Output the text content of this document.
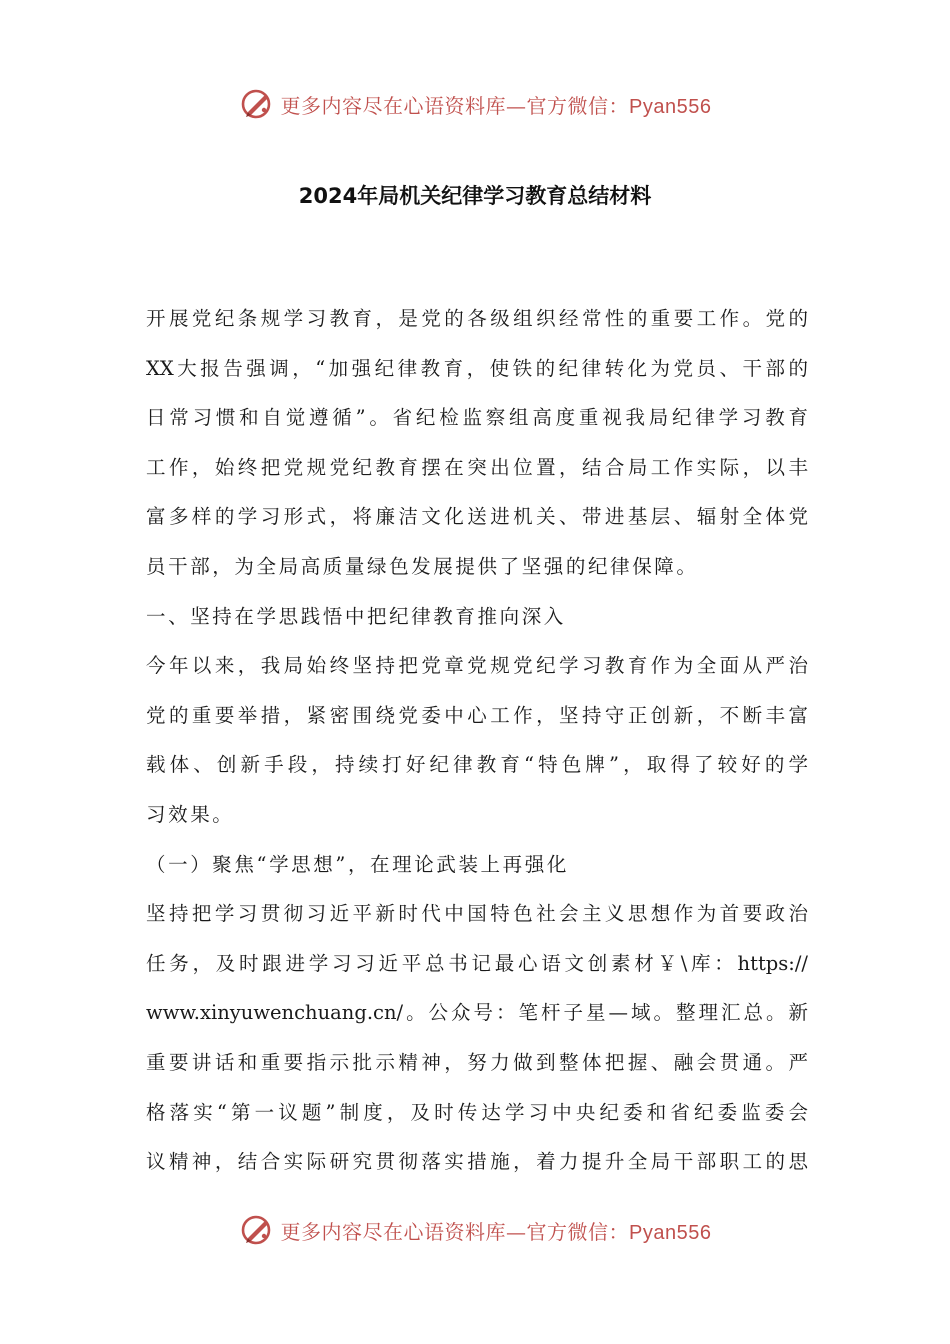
更多内容尽在心语资料库—官方微信：Pyan556
2024年局机关纪律学习教育总结材料
开展党纪条规学习教育，是党的各级组织经常性的重要工作。党的
XX大报告强调，“加强纪律教育，使铁的纪律转化为党员、干部的
日常习惯和自觉遵循”。省纪检监察组高度重视我局纪律学习教育
工作，始终把党规党纪教育摆在突出位置，结合局工作实际，以丰
富多样的学习形式，将廉洁文化送进机关、带进基层、辐射全体党
员干部，为全局高质量绿色发展提供了坚强的纪律保障。
一、坚持在学思践悟中把纪律教育推向深入
今年以来，我局始终坚持把党章党规党纪学习教育作为全面从严治
党的重要举措，紧密围绕党委中心工作，坚持守正创新，不断丰富
载体、创新手段，持续打好纪律教育“特色牌”，取得了较好的学
习效果。
（一）聚焦“学思想”，在理论武装上再强化
坚持把学习贯彻习近平新时代中国特色社会主义思想作为首要政治
任务，及时跟进学习习近平总书记最心语文创素材￥\库：https://
www.xinyuwenchuang.cn/。公众号：笔杆子星—域。整理汇总。新
重要讲话和重要指示批示精神，努力做到整体把握、融会贯通。严
格落实“第一议题”制度，及时传达学习中央纪委和省纪委监委会
议精神，结合实际研究贯彻落实措施，着力提升全局干部职工的思
更多内容尽在心语资料库—官方微信：Pyan556
